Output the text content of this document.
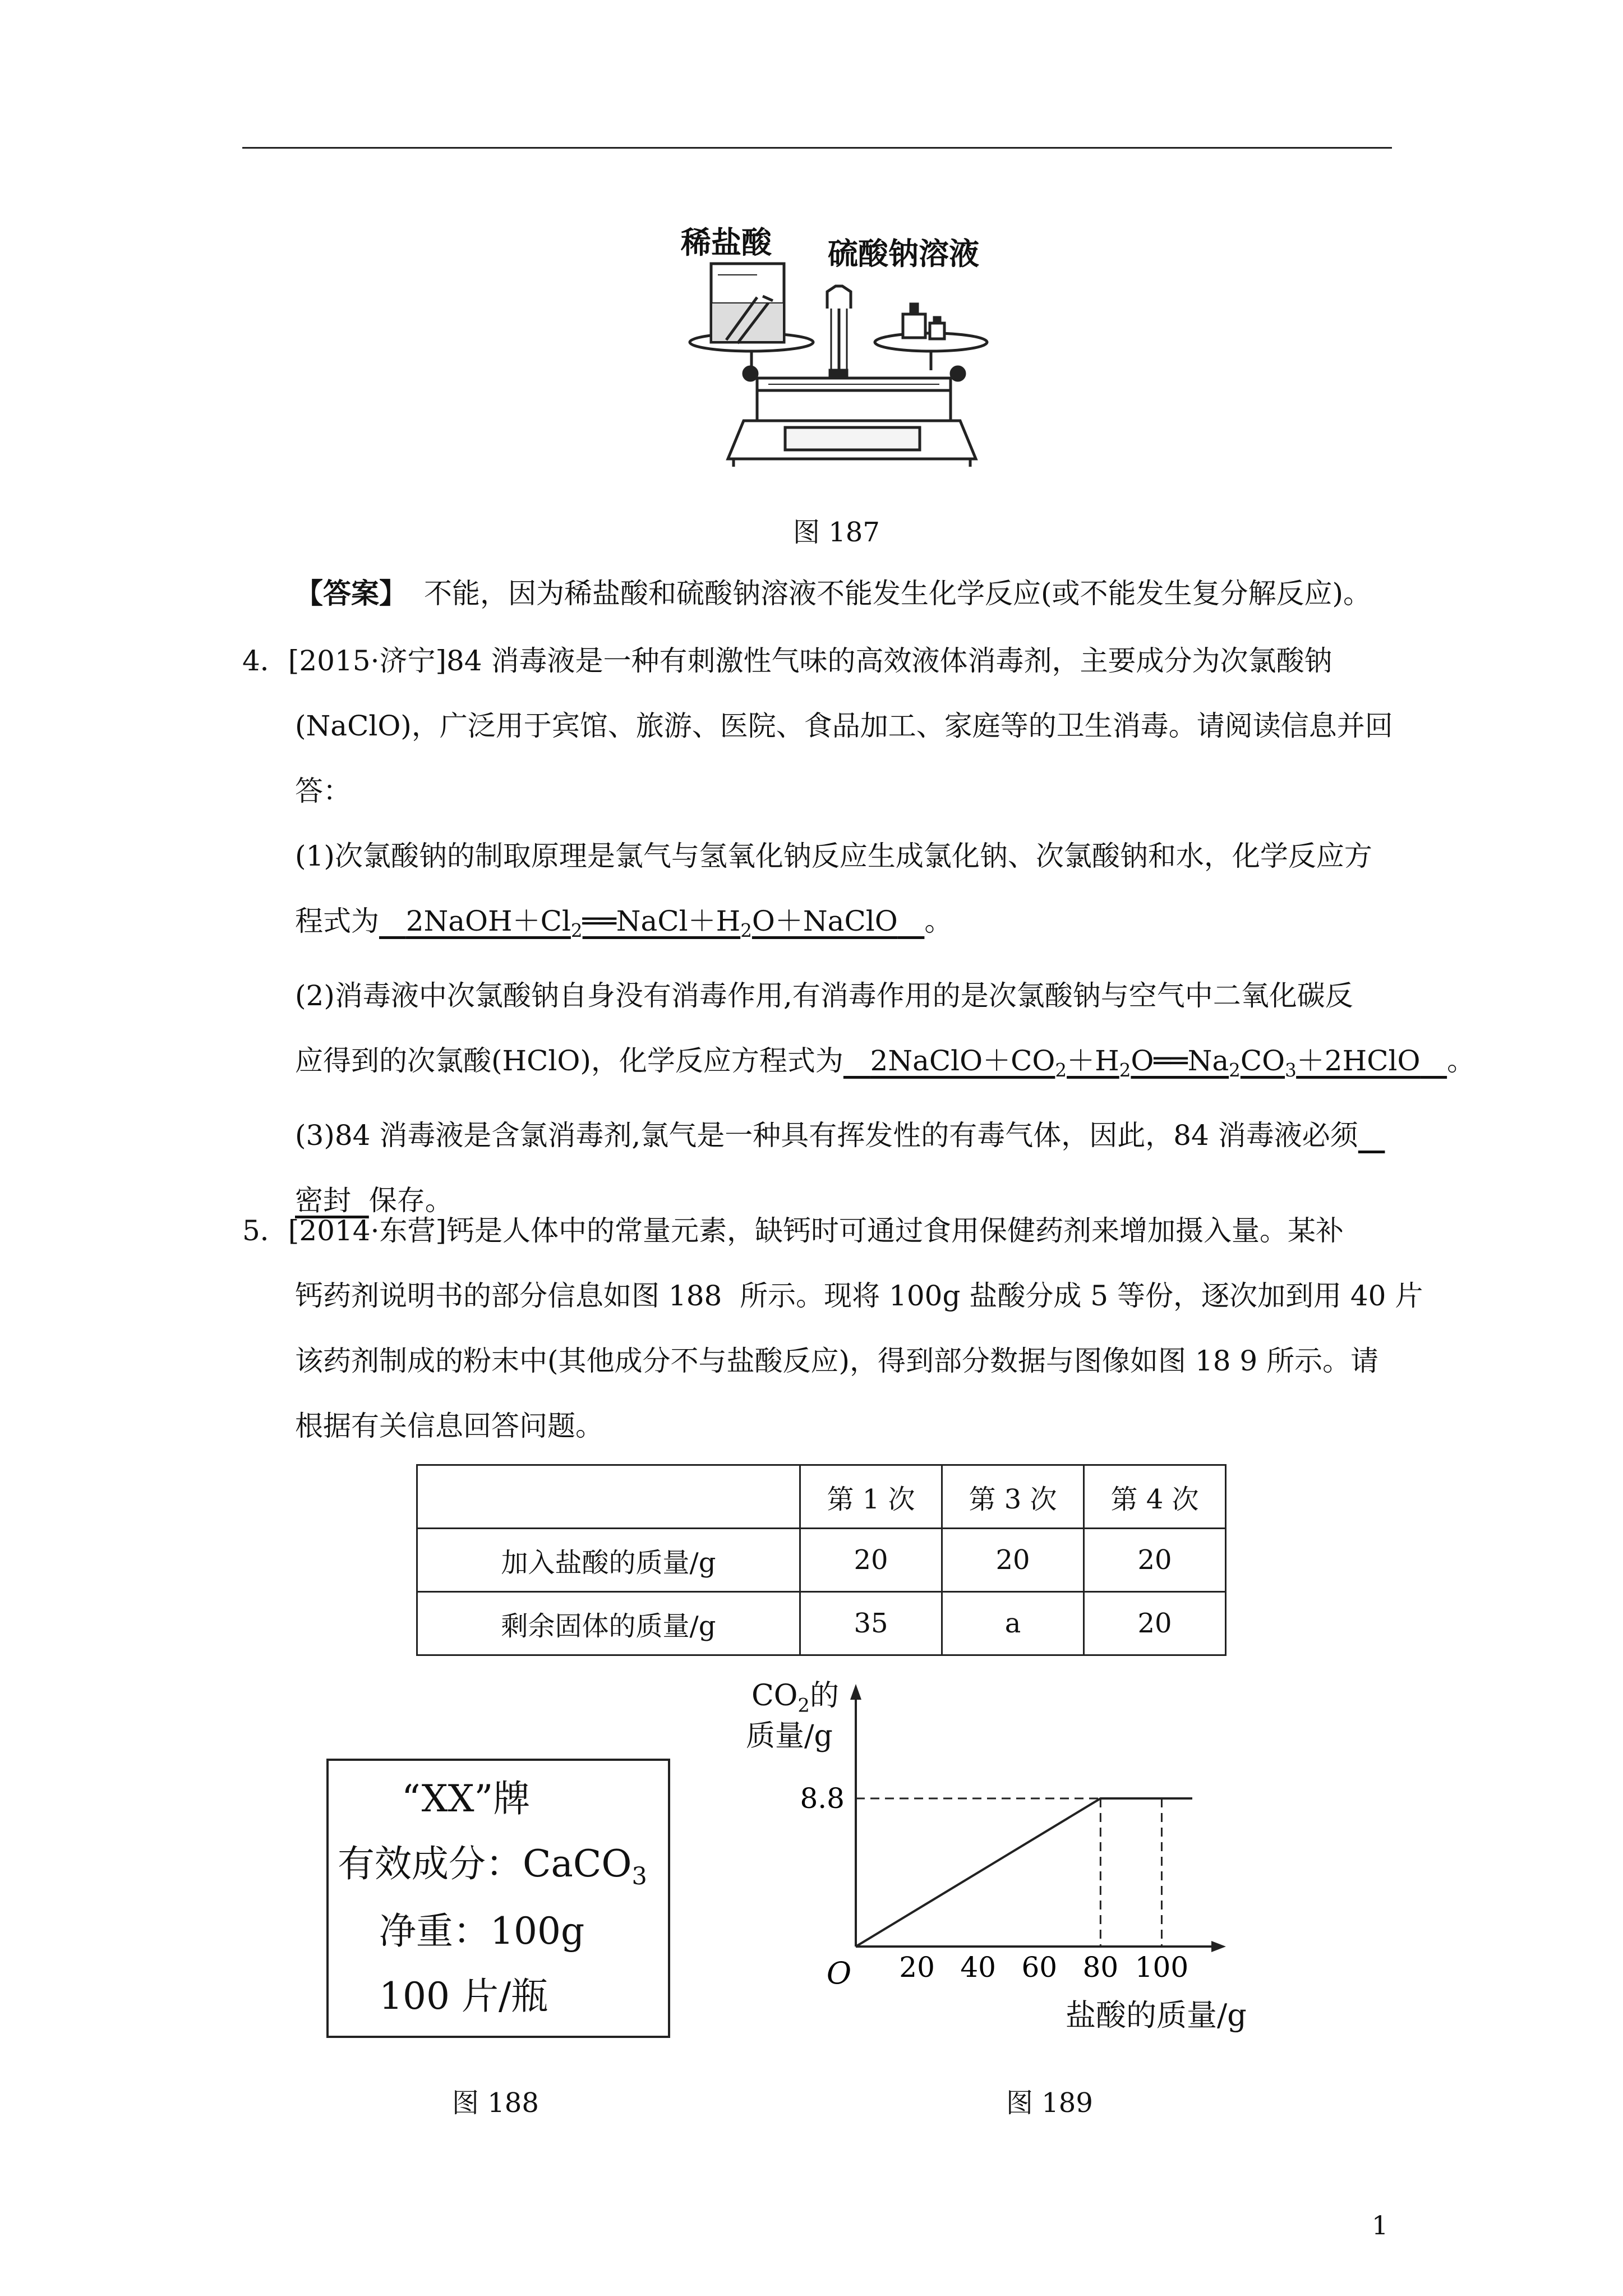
稀盐酸 硫酸钠溶液
图 187
【答案】 不能，因为稀盐酸和硫酸钠溶液不能发生化学反应(或不能发生复分解反应)。
4．[2015·济宁]84 消毒液是一种有刺激性气味的高效液体消毒剂，主要成分为次氯酸钠
(NaClO)，广泛用于宾馆、旅游、医院、食品加工、家庭等的卫生消毒。请阅读信息并回
答：
(1)次氯酸钠的制取原理是氯气与氢氧化钠反应生成氯化钠、次氯酸钠和水，化学反应方
程式为 $2NaOH+Cl_2══NaCl+H_2O+NaClO$ 。
(2)消毒液中次氯酸钠自身没有消毒作用,有消毒作用的是次氯酸钠与空气中二氧化碳反
应得到的次氯酸(HClO)，化学反应方程式为 $2NaClO+CO_2+H_2O══Na_2CO_3+2HClO$ 。
(3)84 消毒液是含氯消毒剂,氯气是一种具有挥发性的有毒气体，因此，84 消毒液必须
密封 保存。
5．[2014·东营]钙是人体中的常量元素，缺钙时可通过食用保健药剂来增加摄入量。某补
钙药剂说明书的部分信息如图 188  所示。现将 100g 盐酸分成 5 等份，逐次加到用 40 片
该药剂制成的粉末中(其他成分不与盐酸反应)，得到部分数据与图像如图 18 9 所示。请
根据有关信息回答问题。
	第 1 次	第 3 次	第 4 次
加入盐酸的质量/g	20	20	20
剩余固体的质量/g	35	a	20
“XX”牌
有效成分：CaCO$_3$
净重：100g
100 片/瓶
图 188
$CO_2$的
质量/g
20 40 60 80 100
8.8
O
盐酸的质量/g
图 189
1
